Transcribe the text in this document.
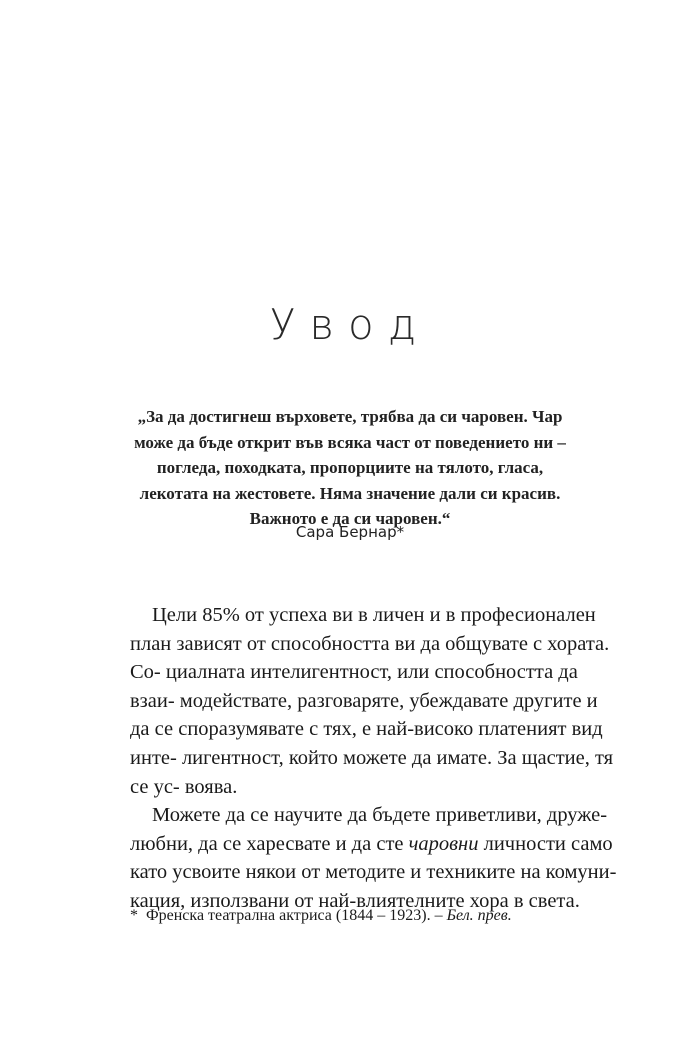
Увод
„За да достигнеш върховете, трябва да си чаровен. Чар
може да бъде открит във всяка част от поведението ни –
погледа, походката, пропорциите на тялото, гласа,
лекотата на жестовете. Няма значение дали си красив.
Важното е да си чаровен.“
Сара Бернар*
Цели 85% от успеха ви в личен и в професионален
план зависят от способността ви да общувате с хората.
Со- циалната интелигентност, или способността да
взаи- модействате, разговаряте, убеждавате другите и
да се споразумявате с тях, е най-високо платеният вид
инте- лигентност, който можете да имате. За щастие, тя
се ус- воява.
Можете да се научите да бъдете приветливи, друже-
любни, да се харесвате и да сте чаровни личности само
като усвоите някои от методите и техниките на комуни-
кация, използвани от най-влиятелните хора в света.
* Френска театрална актриса (1844 – 1923). – Бел. прев.
